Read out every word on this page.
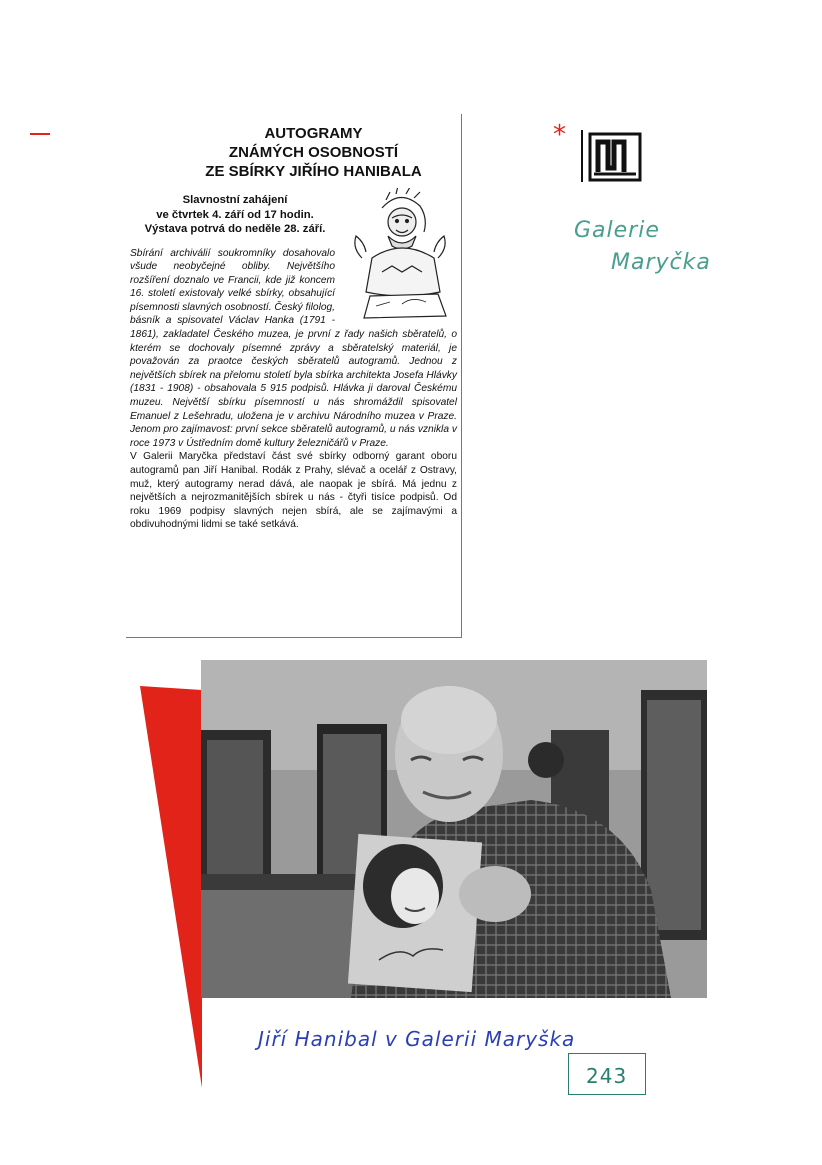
AUTOGRAMY
ZNÁMÝCH OSOBNOSTÍ
ZE SBÍRKY JIŘÍHO HANIBALA
Slavnostní zahájení
ve čtvrtek 4. září od 17 hodin.
Výstava potrvá do neděle 28. září.

Sbírání archiválií soukromníky dosahovalo všude neobyčejné obliby. Největšího rozšíření doznalo ve Francii, kde již koncem 16. století existovaly velké sbírky, obsahující písemnosti slavných osobností. Český filolog, básník a spisovatel Václav Hanka (1791 - 1861), zakladatel Českého muzea, je první z řady našich sběratelů, o kterém se dochovaly písemné zprávy a sběratelský materiál, je považován za praotce českých sběratelů autogramů. Jednou z největších sbírek na přelomu století byla sbírka architekta Josefa Hlávky (1831 - 1908) - obsahovala 5 915 podpisů. Hlávka ji daroval Českému muzeu. Největší sbírku písemností u nás shromáždil spisovatel Emanuel z Lešehradu, uložena je v archivu Národního muzea v Praze. Jenom pro zajímavost: první sekce sběratelů autogramů, u nás vznikla v roce 1973 v Ústředním domě kultury železničářů v Praze.

V Galerii Maryčka představí část své sbírky odborný garant oboru autogramů pan Jiří Hanibal. Rodák z Prahy, slévač a ocelář z Ostravy, muž, který autogramy nerad dává, ale naopak je sbírá. Má jednu z největších a nejrozmanitějších sbírek u nás - čtyři tisíce podpisů. Od roku 1969 podpisy slavných nejen sbírá, ale se zajímavými a obdivuhodnými lidmi se také setkává.

*
Galerie
Maryčka
Jiří Hanibal v Galerii Maryška
243
